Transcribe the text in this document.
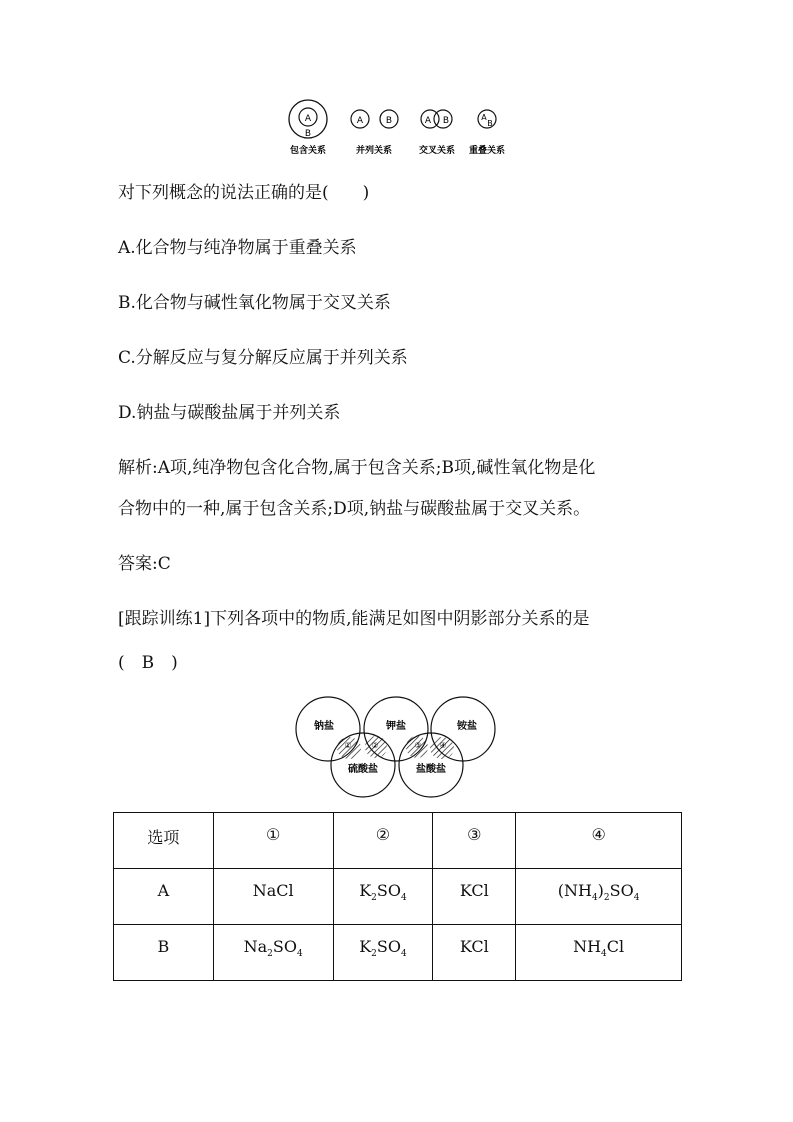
A
B
A	B	A B	A
B
包含关系	并列关系	交叉关系 重叠关系
对下列概念的说法正确的是(　　)
A.化合物与纯净物属于重叠关系
B.化合物与碱性氧化物属于交叉关系
C.分解反应与复分解反应属于并列关系
D.钠盐与碳酸盐属于并列关系
解析:A项,纯净物包含化合物,属于包含关系;B项,碱性氧化物是化
合物中的一种,属于包含关系;D项,钠盐与碳酸盐属于交叉关系。
答案:C
[跟踪训练1]下列各项中的物质,能满足如图中阴影部分关系的是
(　B　)
钠盐	钾盐	铵盐
硫酸盐	盐酸盐
① ②	③ ④
选项	①	②	③	④
A	NaCl	$K_2SO_4$	KCl	$(NH_4)_2SO_4$
B	$Na_2SO_4$	$K_2SO_4$	KCl	$NH_4Cl$
